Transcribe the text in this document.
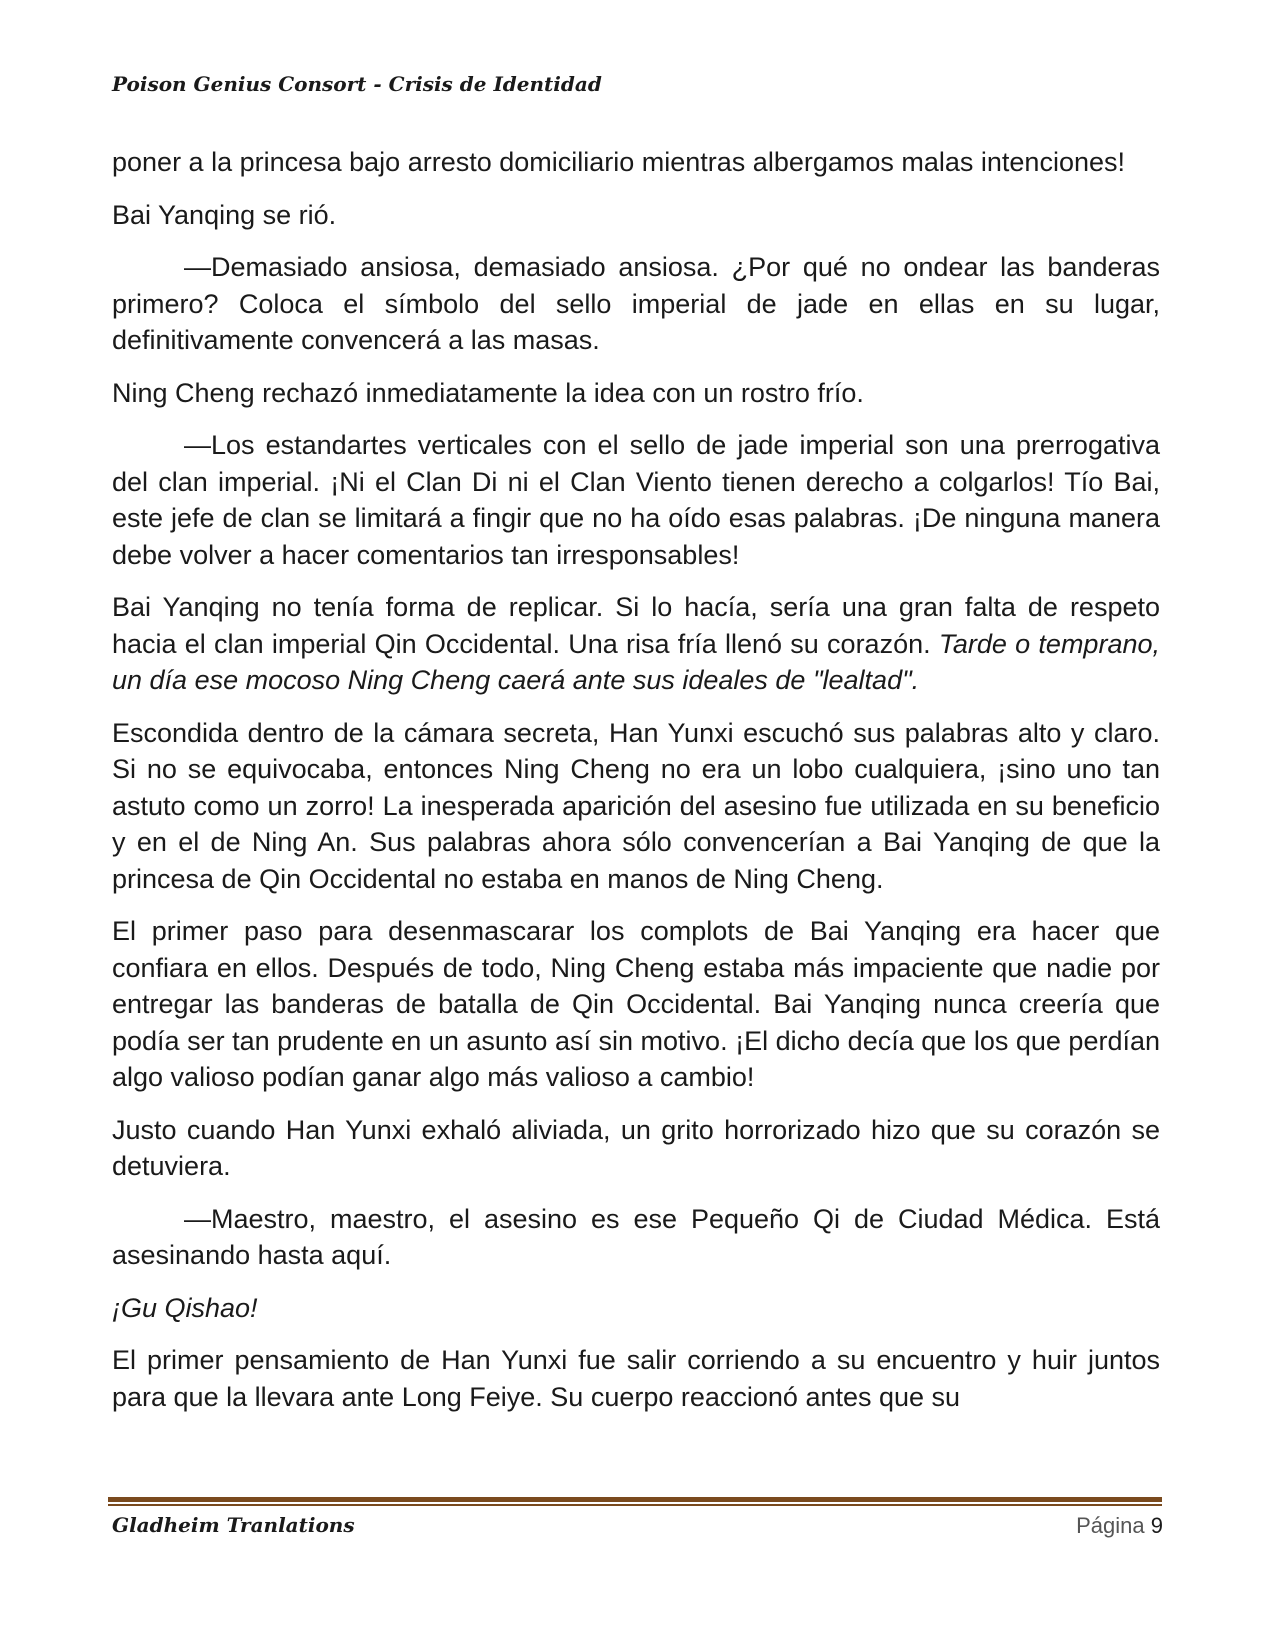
Poison Genius Consort - Crisis de Identidad

poner a la princesa bajo arresto domiciliario mientras albergamos malas intenciones!

Bai Yanqing se rió.

—Demasiado ansiosa, demasiado ansiosa. ¿Por qué no ondear las banderas primero? Coloca el símbolo del sello imperial de jade en ellas en su lugar, definitivamente convencerá a las masas.

Ning Cheng rechazó inmediatamente la idea con un rostro frío.

—Los estandartes verticales con el sello de jade imperial son una prerrogativa del clan imperial. ¡Ni el Clan Di ni el Clan Viento tienen derecho a colgarlos! Tío Bai, este jefe de clan se limitará a fingir que no ha oído esas palabras. ¡De ninguna manera debe volver a hacer comentarios tan irresponsables!

Bai Yanqing no tenía forma de replicar. Si lo hacía, sería una gran falta de respeto hacia el clan imperial Qin Occidental. Una risa fría llenó su corazón. Tarde o temprano, un día ese mocoso Ning Cheng caerá ante sus ideales de "lealtad".

Escondida dentro de la cámara secreta, Han Yunxi escuchó sus palabras alto y claro. Si no se equivocaba, entonces Ning Cheng no era un lobo cualquiera, ¡sino uno tan astuto como un zorro! La inesperada aparición del asesino fue utilizada en su beneficio y en el de Ning An. Sus palabras ahora sólo convencerían a Bai Yanqing de que la princesa de Qin Occidental no estaba en manos de Ning Cheng.

El primer paso para desenmascarar los complots de Bai Yanqing era hacer que confiara en ellos. Después de todo, Ning Cheng estaba más impaciente que nadie por entregar las banderas de batalla de Qin Occidental. Bai Yanqing nunca creería que podía ser tan prudente en un asunto así sin motivo. ¡El dicho decía que los que perdían algo valioso podían ganar algo más valioso a cambio!

Justo cuando Han Yunxi exhaló aliviada, un grito horrorizado hizo que su corazón se detuviera.

—Maestro, maestro, el asesino es ese Pequeño Qi de Ciudad Médica. Está asesinando hasta aquí.

¡Gu Qishao!

El primer pensamiento de Han Yunxi fue salir corriendo a su encuentro y huir juntos para que la llevara ante Long Feiye. Su cuerpo reaccionó antes que su

Gladheim Tranlations	Página 9
